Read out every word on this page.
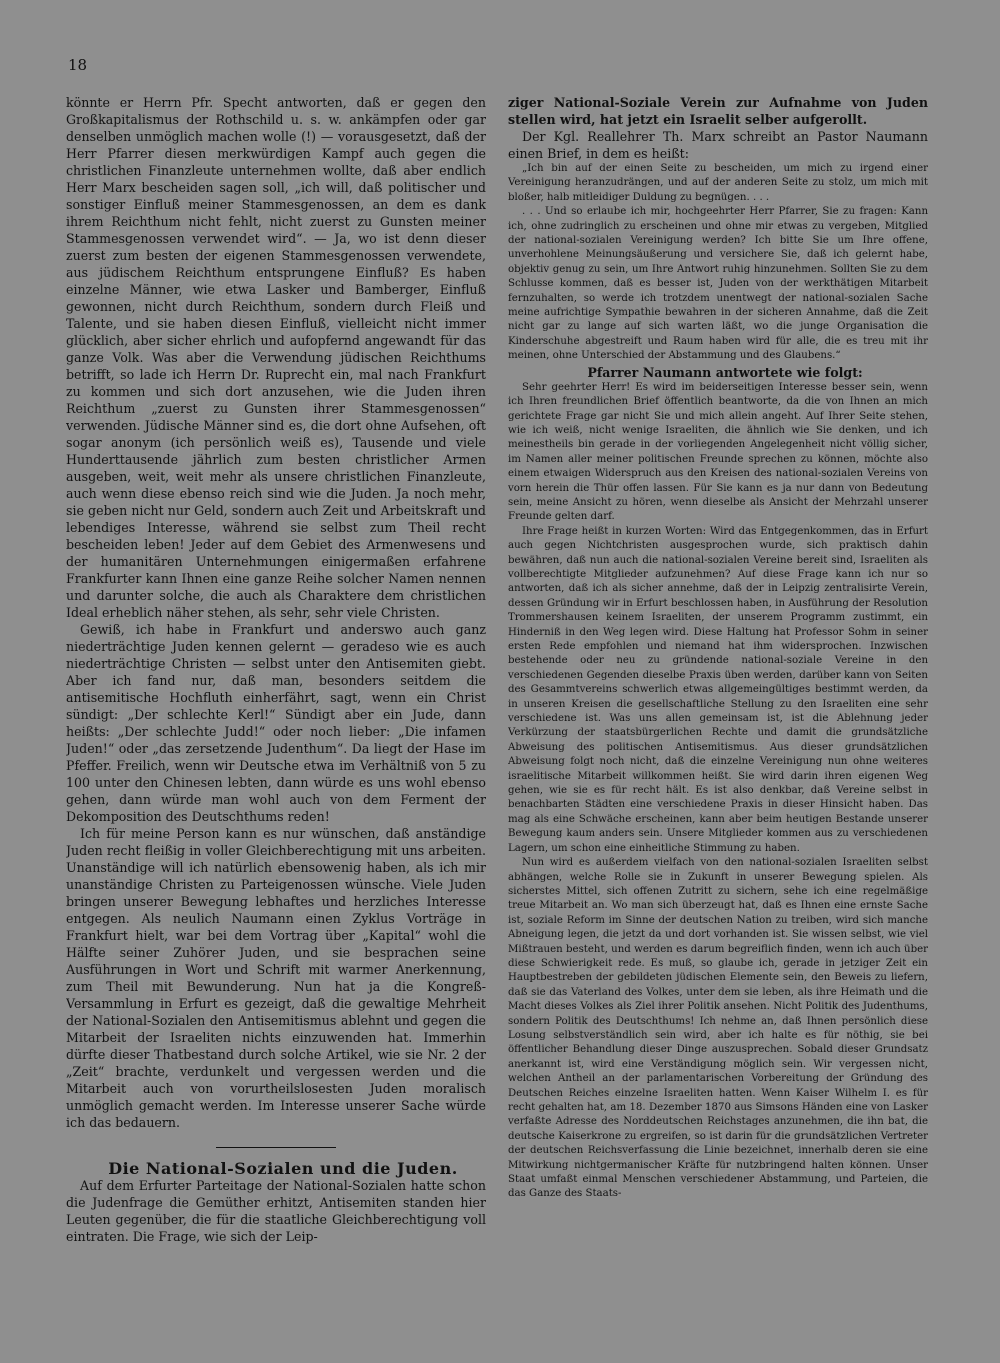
18

könnte er Herrn Pfr. Specht antworten, daß er gegen den Großkapitalismus der Rothschild u. s. w. ankämpfen oder gar denselben unmöglich machen wolle (!) — vorausgesetzt, daß der Herr Pfarrer diesen merkwürdigen Kampf auch gegen die christlichen Finanzleute unternehmen wollte, daß aber endlich Herr Marx bescheiden sagen soll, „ich will, daß politischer und sonstiger Einfluß meiner Stammesgenossen, an dem es dank ihrem Reichthum nicht fehlt, nicht zuerst zu Gunsten meiner Stammesgenossen verwendet wird“. — Ja, wo ist denn dieser zuerst zum besten der eigenen Stammesgenossen verwendete, aus jüdischem Reichthum entsprungene Einfluß? Es haben einzelne Männer, wie etwa Lasker und Bamberger, Einfluß gewonnen, nicht durch Reichthum, sondern durch Fleiß und Talente, und sie haben diesen Einfluß, vielleicht nicht immer glücklich, aber sicher ehrlich und aufopfernd angewandt für das ganze Volk. Was aber die Verwendung jüdischen Reichthums betrifft, so lade ich Herrn Dr. Ruprecht ein, mal nach Frankfurt zu kommen und sich dort anzusehen, wie die Juden ihren Reichthum „zuerst zu Gunsten ihrer Stammesgenossen“ verwenden. Jüdische Männer sind es, die dort ohne Aufsehen, oft sogar anonym (ich persönlich weiß es), Tausende und viele Hunderttausende jährlich zum besten christlicher Armen ausgeben, weit, weit mehr als unsere christlichen Finanzleute, auch wenn diese ebenso reich sind wie die Juden. Ja noch mehr, sie geben nicht nur Geld, sondern auch Zeit und Arbeitskraft und lebendiges Interesse, während sie selbst zum Theil recht bescheiden leben! Jeder auf dem Gebiet des Armenwesens und der humanitären Unternehmungen einigermaßen erfahrene Frankfurter kann Ihnen eine ganze Reihe solcher Namen nennen und darunter solche, die auch als Charaktere dem christlichen Ideal erheblich näher stehen, als sehr, sehr viele Christen.

Gewiß, ich habe in Frankfurt und anderswo auch ganz niederträchtige Juden kennen gelernt — geradeso wie es auch niederträchtige Christen — selbst unter den Antisemiten giebt. Aber ich fand nur, daß man, besonders seitdem die antisemitische Hochfluth einherfährt, sagt, wenn ein Christ sündigt: „Der schlechte Kerl!“ Sündigt aber ein Jude, dann heißts: „Der schlechte Judd!“ oder noch lieber: „Die infamen Juden!“ oder „das zersetzende Judenthum“. Da liegt der Hase im Pfeffer. Freilich, wenn wir Deutsche etwa im Verhältniß von 5 zu 100 unter den Chinesen lebten, dann würde es uns wohl ebenso gehen, dann würde man wohl auch von dem Ferment der Dekomposition des Deutschthums reden!

Ich für meine Person kann es nur wünschen, daß anständige Juden recht fleißig in voller Gleichberechtigung mit uns arbeiten. Unanständige will ich natürlich ebensowenig haben, als ich mir unanständige Christen zu Parteigenossen wünsche. Viele Juden bringen unserer Bewegung lebhaftes und herzliches Interesse entgegen. Als neulich Naumann einen Zyklus Vorträge in Frankfurt hielt, war bei dem Vortrag über „Kapital“ wohl die Hälfte seiner Zuhörer Juden, und sie besprachen seine Ausführungen in Wort und Schrift mit warmer Anerkennung, zum Theil mit Bewunderung. Nun hat ja die Kongreß-Versammlung in Erfurt es gezeigt, daß die gewaltige Mehrheit der National-Sozialen den Antisemitismus ablehnt und gegen die Mitarbeit der Israeliten nichts einzuwenden hat. Immerhin dürfte dieser Thatbestand durch solche Artikel, wie sie Nr. 2 der „Zeit“ brachte, verdunkelt und vergessen werden und die Mitarbeit auch von vorurtheilslosesten Juden moralisch unmöglich gemacht werden. Im Interesse unserer Sache würde ich das bedauern.

Die National-Sozialen und die Juden.

Auf dem Erfurter Parteitage der National-Sozialen hatte schon die Judenfrage die Gemüther erhitzt, Antisemiten standen hier Leuten gegenüber, die für die staatliche Gleichberechtigung voll eintraten. Die Frage, wie sich der Leip-

ziger National-Soziale Verein zur Aufnahme von Juden stellen wird, hat jetzt ein Israelit selber aufgerollt.

Der Kgl. Reallehrer Th. Marx schreibt an Pastor Naumann einen Brief, in dem es heißt:

„Ich bin auf der einen Seite zu bescheiden, um mich zu irgend einer Vereinigung heranzudrängen, und auf der anderen Seite zu stolz, um mich mit bloßer, halb mitleidiger Duldung zu begnügen. . . .

. . . Und so erlaube ich mir, hochgeehrter Herr Pfarrer, Sie zu fragen: Kann ich, ohne zudringlich zu erscheinen und ohne mir etwas zu vergeben, Mitglied der national-sozialen Vereinigung werden? Ich bitte Sie um Ihre offene, unverhohlene Meinungsäußerung und versichere Sie, daß ich gelernt habe, objektiv genug zu sein, um Ihre Antwort ruhig hinzunehmen. Sollten Sie zu dem Schlusse kommen, daß es besser ist, Juden von der werkthätigen Mitarbeit fernzuhalten, so werde ich trotzdem unentwegt der national-sozialen Sache meine aufrichtige Sympathie bewahren in der sicheren Annahme, daß die Zeit nicht gar zu lange auf sich warten läßt, wo die junge Organisation die Kinderschuhe abgestreift und Raum haben wird für alle, die es treu mit ihr meinen, ohne Unterschied der Abstammung und des Glaubens.“

Pfarrer Naumann antwortete wie folgt:

Sehr geehrter Herr! Es wird im beiderseitigen Interesse besser sein, wenn ich Ihren freundlichen Brief öffentlich beantworte, da die von Ihnen an mich gerichtete Frage gar nicht Sie und mich allein angeht. Auf Ihrer Seite stehen, wie ich weiß, nicht wenige Israeliten, die ähnlich wie Sie denken, und ich meinestheils bin gerade in der vorliegenden Angelegenheit nicht völlig sicher, im Namen aller meiner politischen Freunde sprechen zu können, möchte also einem etwaigen Widerspruch aus den Kreisen des national-sozialen Vereins von vorn herein die Thür offen lassen. Für Sie kann es ja nur dann von Bedeutung sein, meine Ansicht zu hören, wenn dieselbe als Ansicht der Mehrzahl unserer Freunde gelten darf.

Ihre Frage heißt in kurzen Worten: Wird das Entgegenkommen, das in Erfurt auch gegen Nichtchristen ausgesprochen wurde, sich praktisch dahin bewähren, daß nun auch die national-sozialen Vereine bereit sind, Israeliten als vollberechtigte Mitglieder aufzunehmen? Auf diese Frage kann ich nur so antworten, daß ich als sicher annehme, daß der in Leipzig zentralisirte Verein, dessen Gründung wir in Erfurt beschlossen haben, in Ausführung der Resolution Trommershausen keinem Israeliten, der unserem Programm zustimmt, ein Hinderniß in den Weg legen wird. Diese Haltung hat Professor Sohm in seiner ersten Rede empfohlen und niemand hat ihm widersprochen. Inzwischen bestehende oder neu zu gründende national-soziale Vereine in den verschiedenen Gegenden dieselbe Praxis üben werden, darüber kann von Seiten des Gesammtvereins schwerlich etwas allgemeingültiges bestimmt werden, da in unseren Kreisen die gesellschaftliche Stellung zu den Israeliten eine sehr verschiedene ist. Was uns allen gemeinsam ist, ist die Ablehnung jeder Verkürzung der staatsbürgerlichen Rechte und damit die grundsätzliche Abweisung des politischen Antisemitismus. Aus dieser grundsätzlichen Abweisung folgt noch nicht, daß die einzelne Vereinigung nun ohne weiteres israelitische Mitarbeit willkommen heißt. Sie wird darin ihren eigenen Weg gehen, wie sie es für recht hält. Es ist also denkbar, daß Vereine selbst in benachbarten Städten eine verschiedene Praxis in dieser Hinsicht haben. Das mag als eine Schwäche erscheinen, kann aber beim heutigen Bestande unserer Bewegung kaum anders sein. Unsere Mitglieder kommen aus zu verschiedenen Lagern, um schon eine einheitliche Stimmung zu haben.

Nun wird es außerdem vielfach von den national-sozialen Israeliten selbst abhängen, welche Rolle sie in Zukunft in unserer Bewegung spielen. Als sicherstes Mittel, sich offenen Zutritt zu sichern, sehe ich eine regelmäßige treue Mitarbeit an. Wo man sich überzeugt hat, daß es Ihnen eine ernste Sache ist, soziale Reform im Sinne der deutschen Nation zu treiben, wird sich manche Abneigung legen, die jetzt da und dort vorhanden ist. Sie wissen selbst, wie viel Mißtrauen besteht, und werden es darum begreiflich finden, wenn ich auch über diese Schwierigkeit rede. Es muß, so glaube ich, gerade in jetziger Zeit ein Hauptbestreben der gebildeten jüdischen Elemente sein, den Beweis zu liefern, daß sie das Vaterland des Volkes, unter dem sie leben, als ihre Heimath und die Macht dieses Volkes als Ziel ihrer Politik ansehen. Nicht Politik des Judenthums, sondern Politik des Deutschthums! Ich nehme an, daß Ihnen persönlich diese Losung selbstverständlich sein wird, aber ich halte es für nöthig, sie bei öffentlicher Behandlung dieser Dinge auszusprechen. Sobald dieser Grundsatz anerkannt ist, wird eine Verständigung möglich sein. Wir vergessen nicht, welchen Antheil an der parlamentarischen Vorbereitung der Gründung des Deutschen Reiches einzelne Israeliten hatten. Wenn Kaiser Wilhelm I. es für recht gehalten hat, am 18. Dezember 1870 aus Simsons Händen eine von Lasker verfaßte Adresse des Norddeutschen Reichstages anzunehmen, die ihn bat, die deutsche Kaiserkrone zu ergreifen, so ist darin für die grundsätzlichen Vertreter der deutschen Reichsverfassung die Linie bezeichnet, innerhalb deren sie eine Mitwirkung nichtgermanischer Kräfte für nutzbringend halten können. Unser Staat umfaßt einmal Menschen verschiedener Abstammung, und Parteien, die das Ganze des Staats-
